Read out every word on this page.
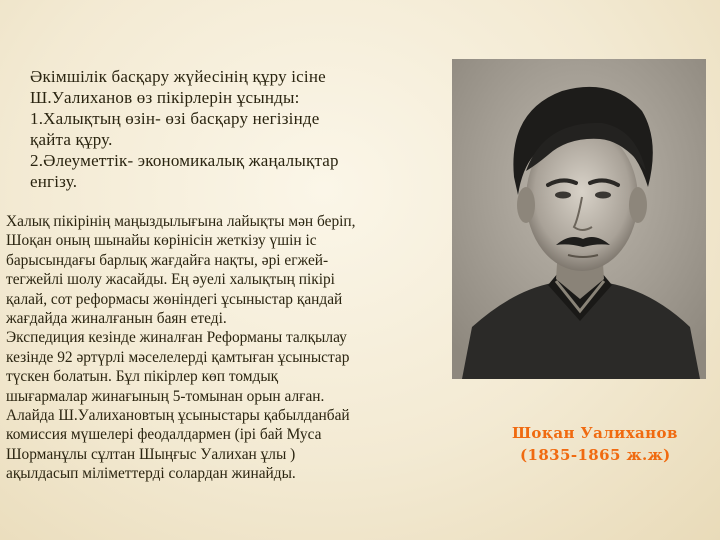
Әкімшілік басқару жүйесінің құру ісіне
Ш.Уалиханов өз пікірлерін ұсынды:
1.Халықтың өзін- өзі басқару негізінде
қайта құру.
2.Әлеуметтік- экономикалық жаңалықтар
енгізу.
Халық пікірінің маңыздылығына лайықты мән беріп,
Шоқан оның шынайы көрінісін жеткізу үшін іс
барысындағы барлық жағдайға нақты, әрі егжей-
тегжейлі шолу жасайды. Ең әуелі халықтың пікірі
қалай, сот реформасы жөніндегі ұсыныстар қандай
жағдайда жиналғанын баян етеді.
Экспедиция кезінде жиналған Реформаны талқылау
кезінде 92 әртүрлі мәселелерді қамтыған ұсыныстар
түскен болатын. Бұл пікірлер көп томдық
шығармалар жинағының 5-томынан орын алған.
Алайда Ш.Уалихановтың ұсыныстары қабылданбай
комиссия мүшелері феодалдармен (ірі бай Муса
Шорманұлы сұлтан Шыңғыс Уалихан ұлы )
ақылдасып міліметтерді солардан жинайды.
Шоқан Уалиханов
(1835-1865 ж.ж)
